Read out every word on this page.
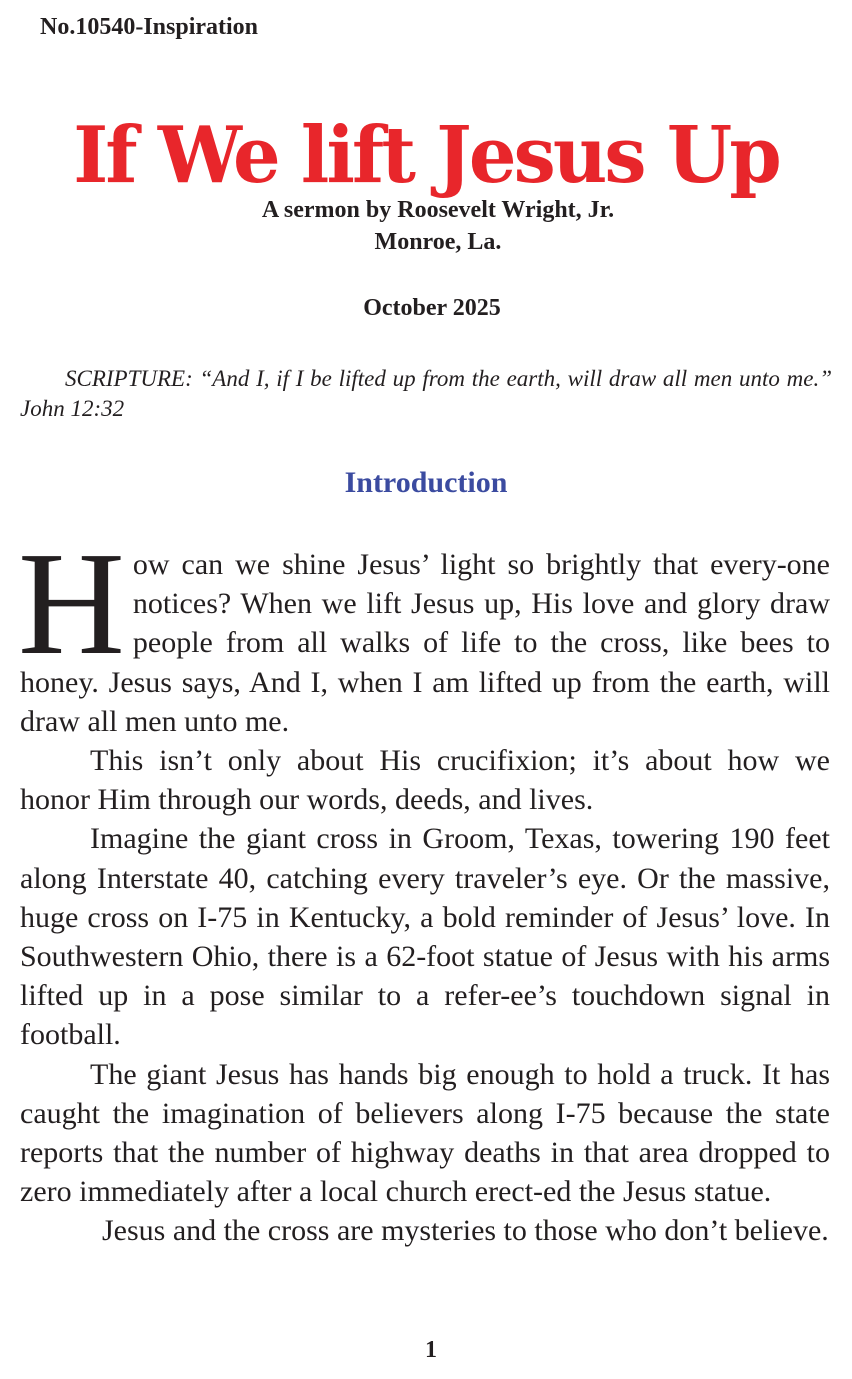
No.10540-Inspiration

If We lift Jesus Up

A sermon by Roosevelt Wright, Jr.

Monroe, La.

October 2025

SCRIPTURE: “And I, if I be lifted up from the earth, will draw all men unto me.” John 12:32

Introduction

How can we shine Jesus’ light so brightly that every-one notices? When we lift Jesus up, His love and glory draw people from all walks of life to the cross, like bees to honey. Jesus says, And I, when I am lifted up from the earth, will draw all men unto me.

This isn’t only about His crucifixion; it’s about how we honor Him through our words, deeds, and lives.

Imagine the giant cross in Groom, Texas, towering 190 feet along Interstate 40, catching every traveler’s eye. Or the massive, huge cross on I-75 in Kentucky, a bold reminder of Jesus’ love. In Southwestern Ohio, there is a 62-foot statue of Jesus with his arms lifted up in a pose similar to a refer-ee’s touchdown signal in football.

The giant Jesus has hands big enough to hold a truck. It has caught the imagination of believers along I-75 because the state reports that the number of highway deaths in that area dropped to zero immediately after a local church erect-ed the Jesus statue.

Jesus and the cross are mysteries to those who don’t believe.

1
